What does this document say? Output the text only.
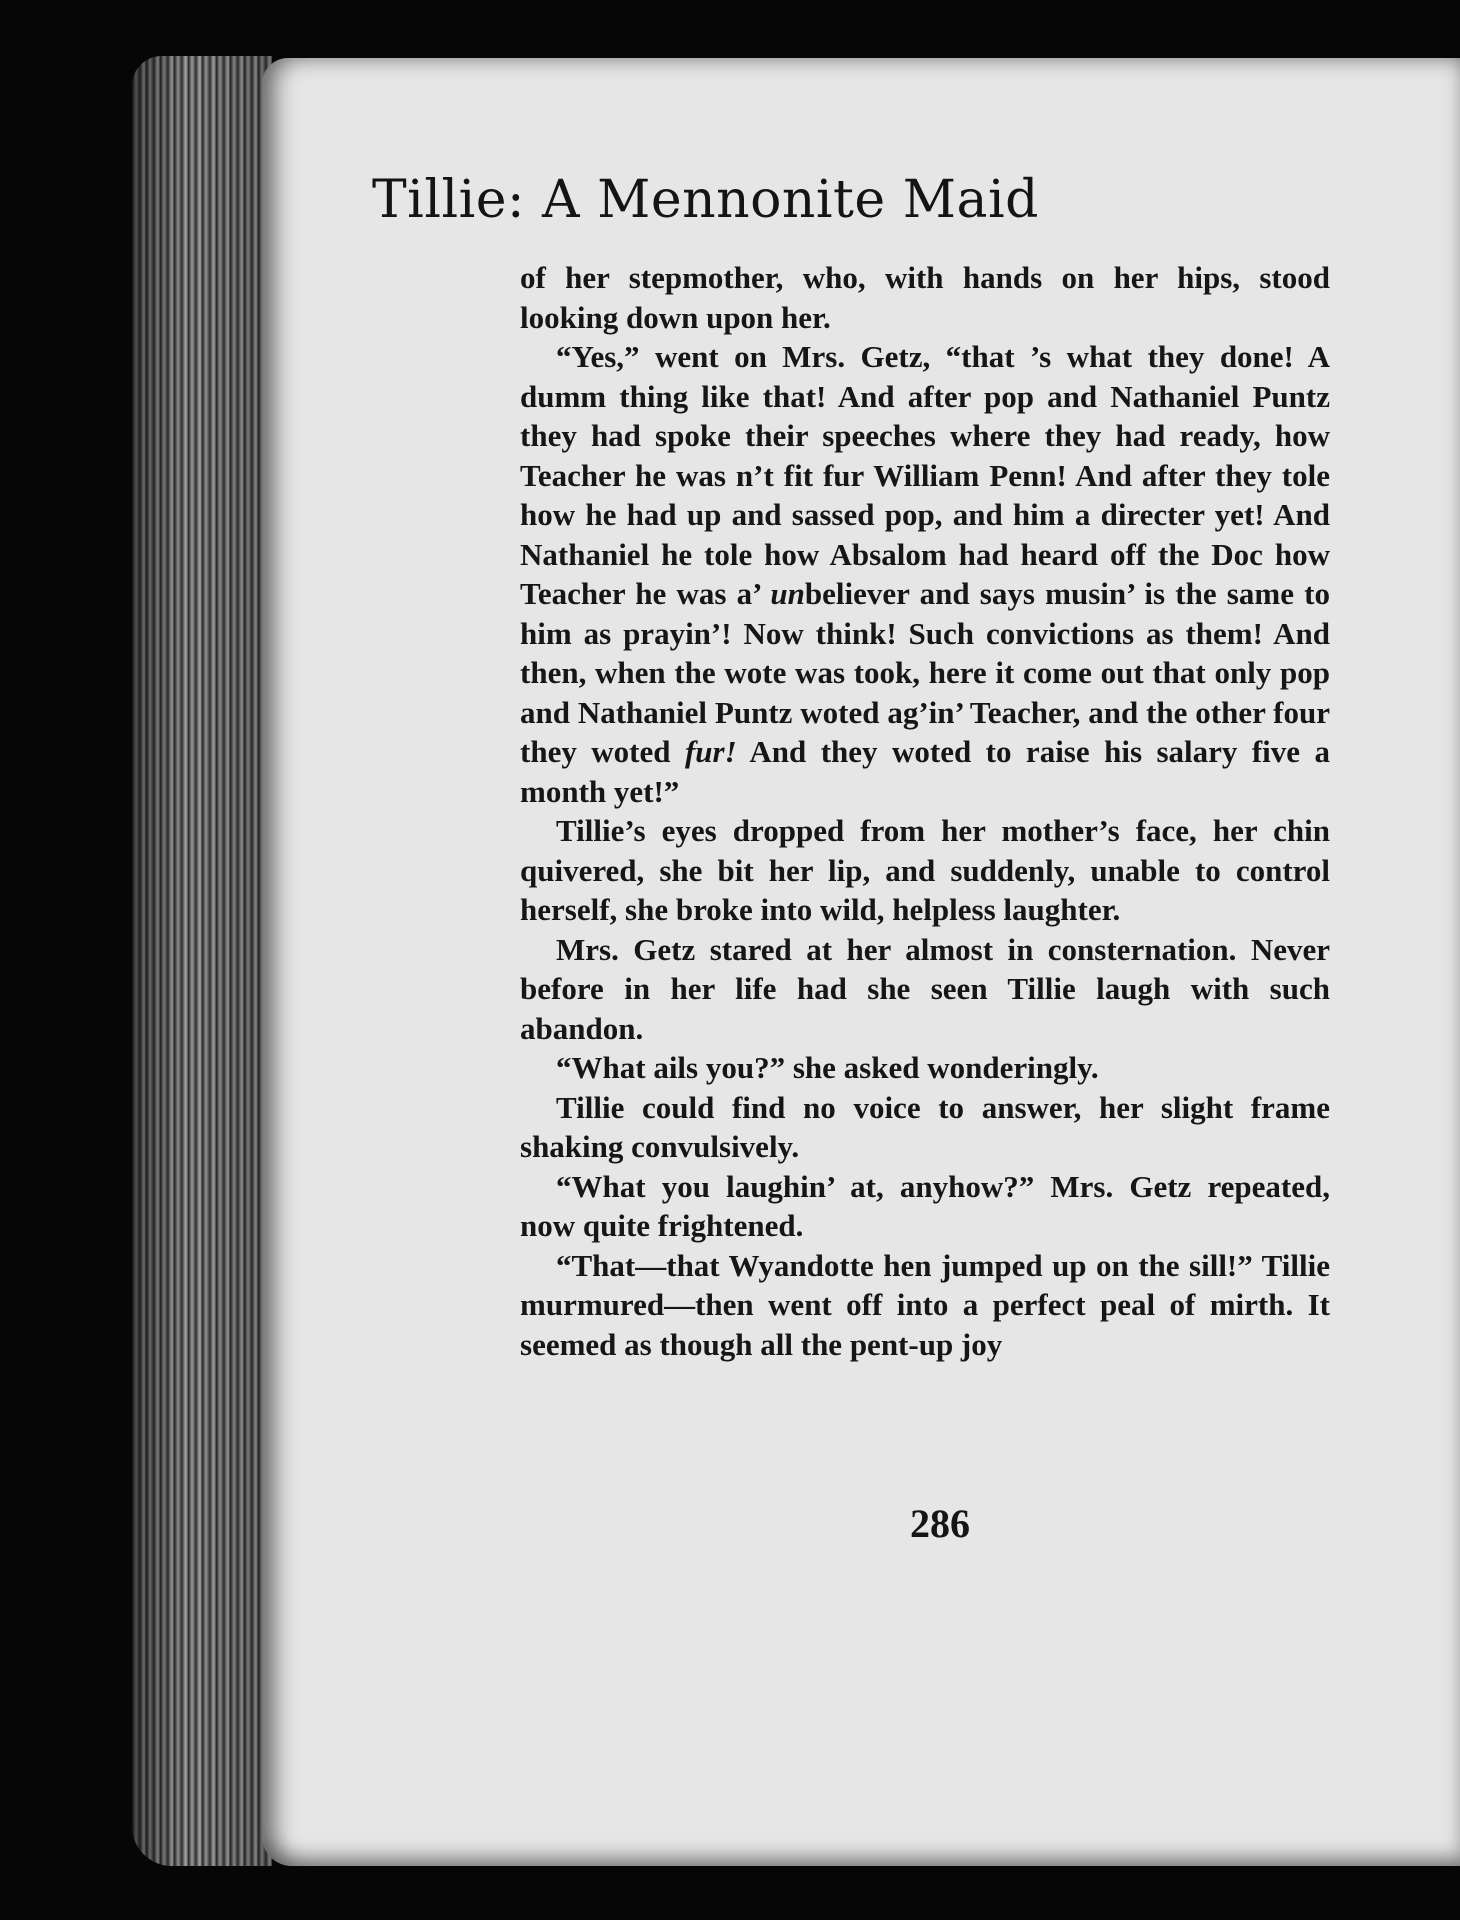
Tillie: A Mennonite Maid

of her stepmother, who, with hands on her hips, stood looking down upon her.

“Yes,” went on Mrs. Getz, “that ’s what they done! A dumm thing like that! And after pop and Nathaniel Puntz they had spoke their speeches where they had ready, how Teacher he was n’t fit fur William Penn! And after they tole how he had up and sassed pop, and him a directer yet! And Nathaniel he tole how Absalom had heard off the Doc how Teacher he was a’ unbeliever and says musin’ is the same to him as prayin’! Now think! Such convictions as them! And then, when the wote was took, here it come out that only pop and Nathaniel Puntz woted ag’in’ Teacher, and the other four they woted fur! And they woted to raise his salary five a month yet!”

Tillie’s eyes dropped from her mother’s face, her chin quivered, she bit her lip, and suddenly, unable to control herself, she broke into wild, helpless laughter.

Mrs. Getz stared at her almost in consternation. Never before in her life had she seen Tillie laugh with such abandon.

“What ails you?” she asked wonderingly.

Tillie could find no voice to answer, her slight frame shaking convulsively.

“What you laughin’ at, anyhow?” Mrs. Getz repeated, now quite frightened.

“That—that Wyandotte hen jumped up on the sill!” Tillie murmured—then went off into a perfect peal of mirth. It seemed as though all the pent-up joy

286
